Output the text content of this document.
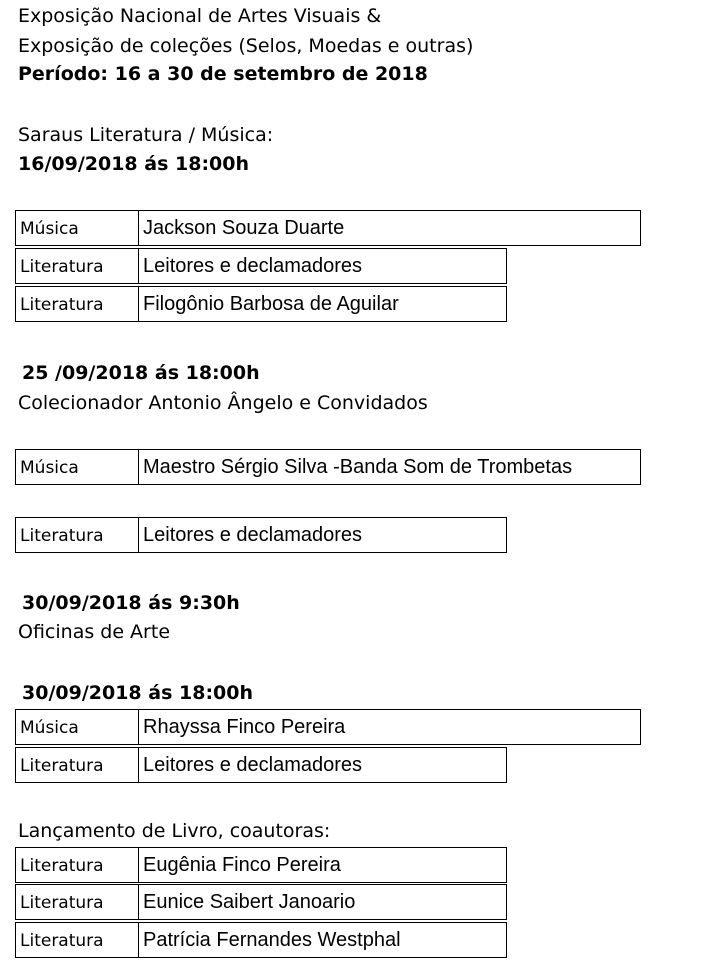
Exposição Nacional de Artes Visuais &

Exposição de coleções (Selos, Moedas e outras)

Período: 16 a 30 de setembro de 2018

Saraus Literatura / Música:

16/09/2018 ás 18:00h

Música	Jackson Souza Duarte
Literatura	Leitores e declamadores
Literatura	Filogônio Barbosa de Aguilar

25 /09/2018 ás 18:00h

Colecionador Antonio Ângelo e Convidados

Música	Maestro Sérgio Silva -Banda Som de Trombetas
Literatura	Leitores e declamadores

30/09/2018 ás 9:30h

Oficinas de Arte

30/09/2018 ás 18:00h

Música	Rhayssa Finco Pereira
Literatura	Leitores e declamadores

Lançamento de Livro, coautoras:

Literatura	Eugênia Finco Pereira
Literatura	Eunice Saibert Janoario
Literatura	Patrícia Fernandes Westphal
